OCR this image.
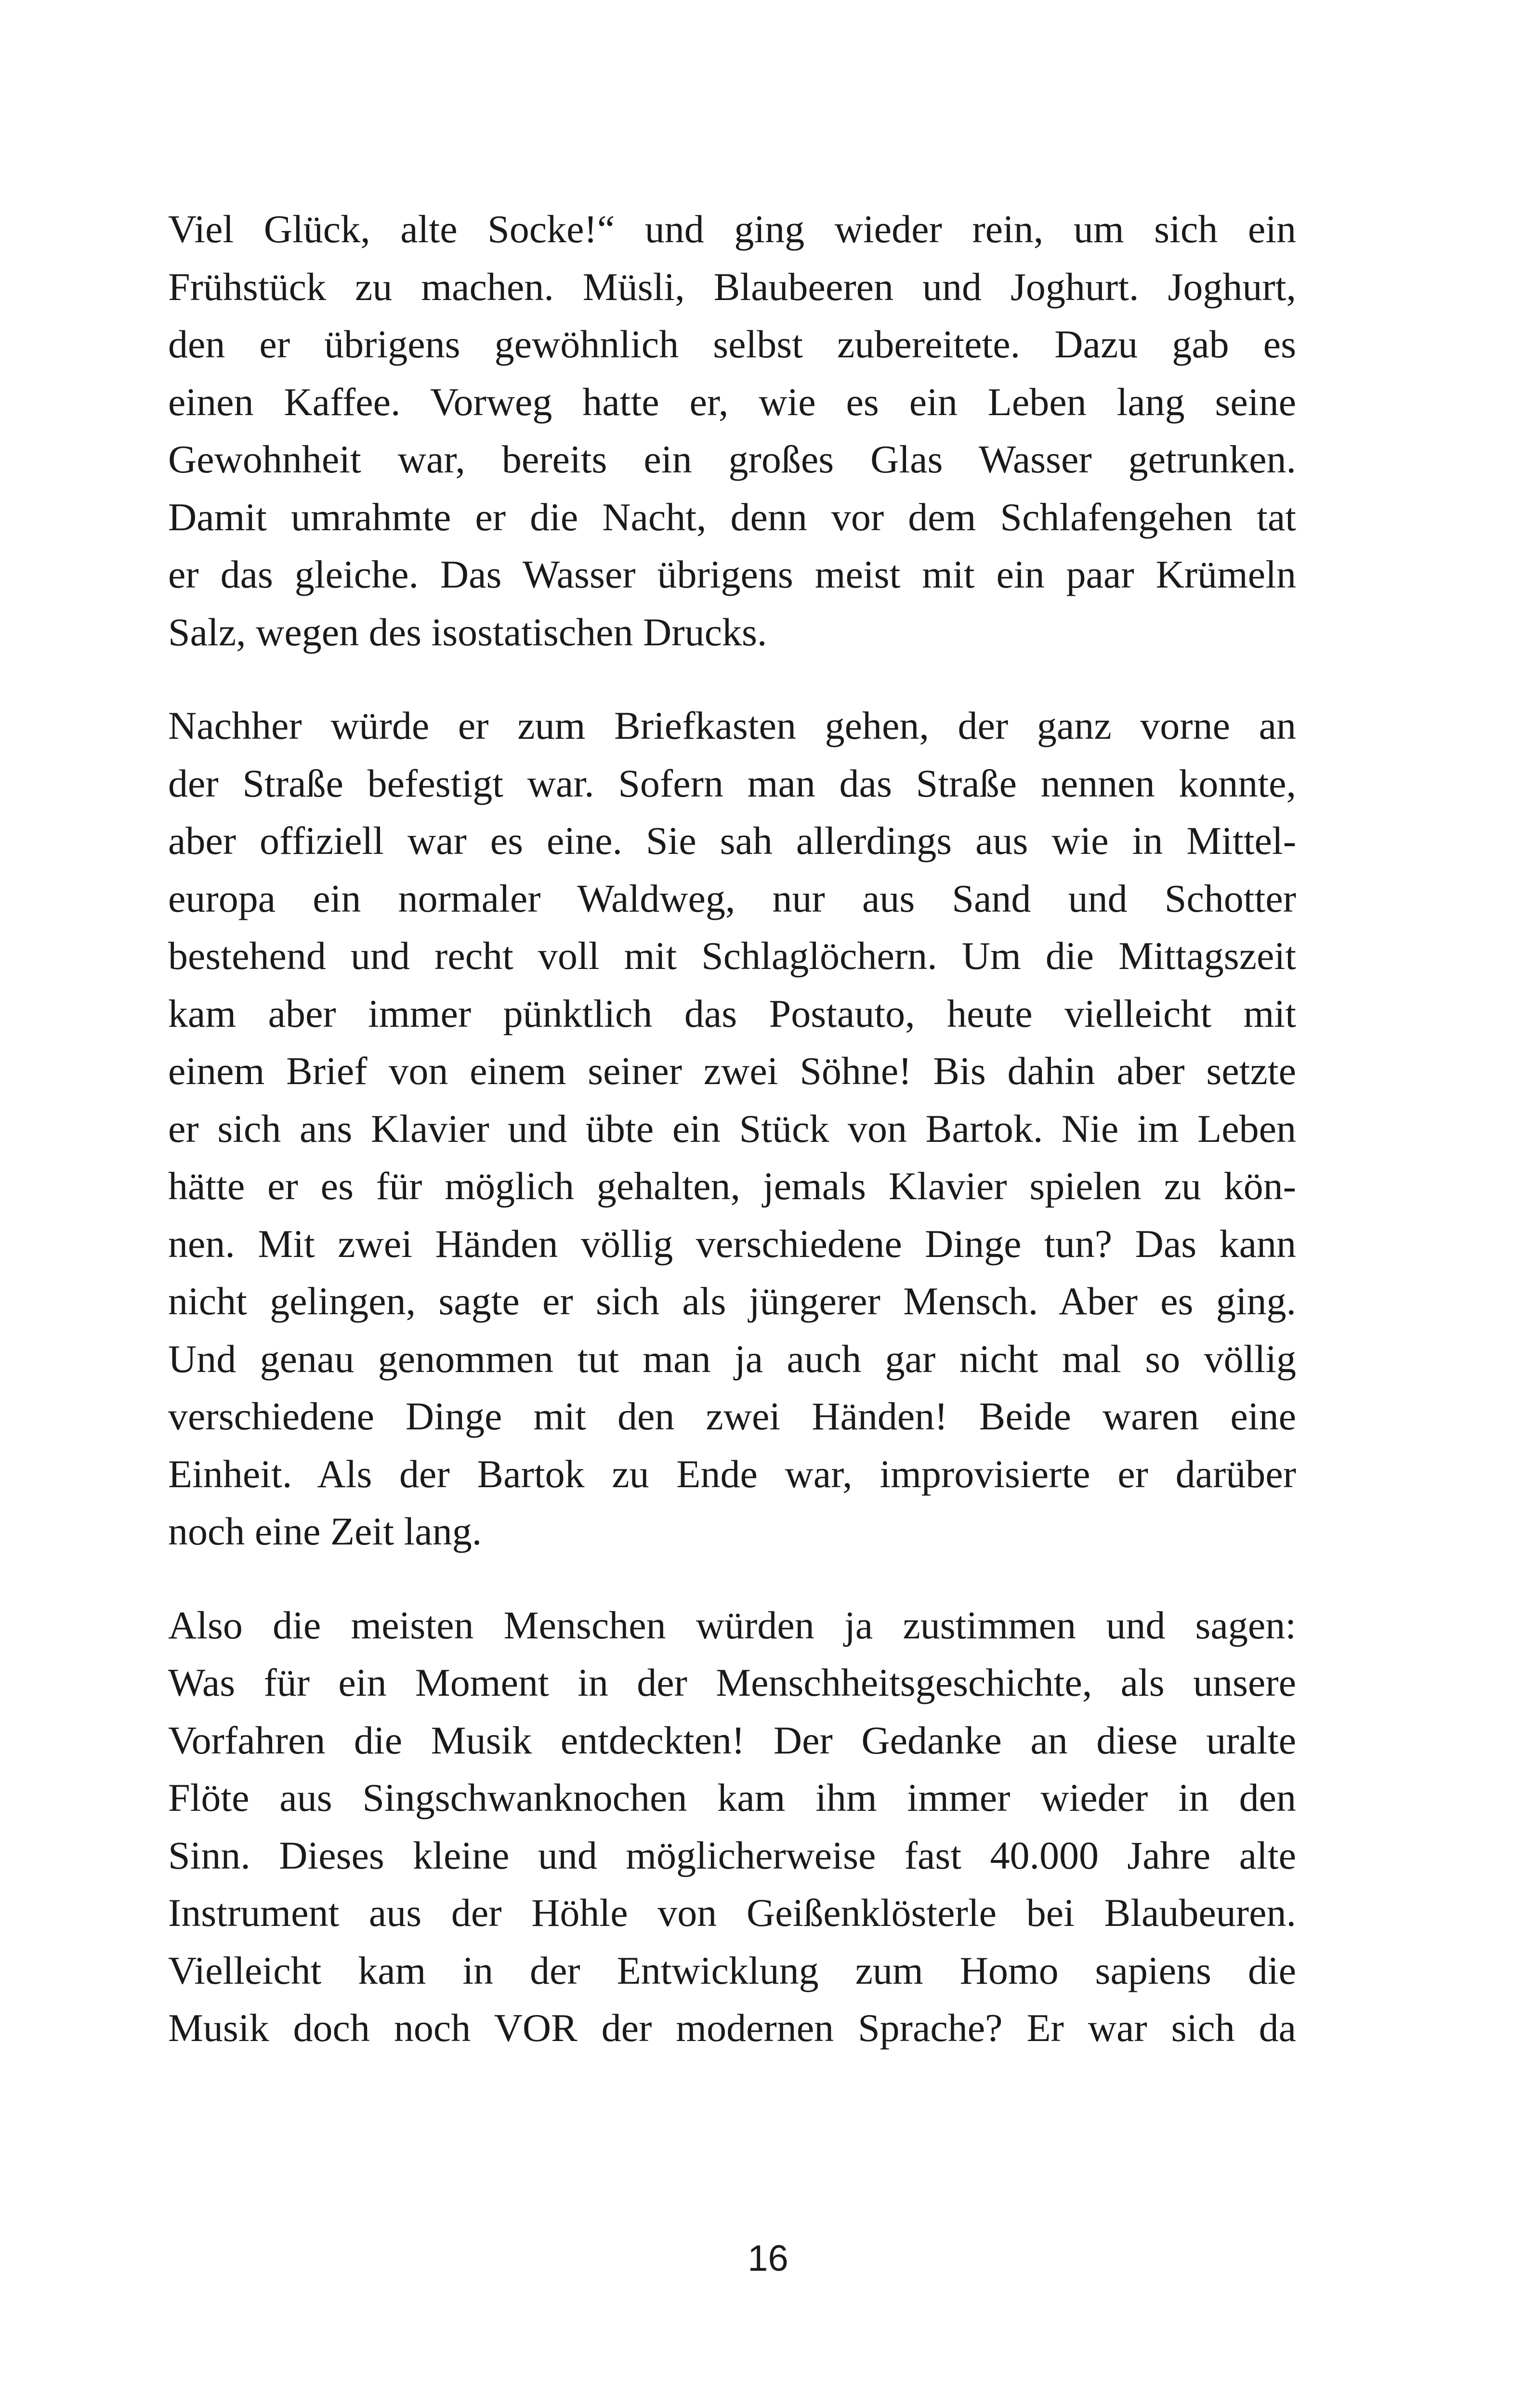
Viel Glück, alte Socke!“ und ging wieder rein, um sich ein
Frühstück zu machen. Müsli, Blaubeeren und Joghurt. Joghurt,
den er übrigens gewöhnlich selbst zubereitete. Dazu gab es
einen Kaffee. Vorweg hatte er, wie es ein Leben lang seine
Gewohnheit war, bereits ein großes Glas Wasser getrunken.
Damit umrahmte er die Nacht, denn vor dem Schlafengehen tat
er das gleiche. Das Wasser übrigens meist mit ein paar Krümeln
Salz, wegen des isostatischen Drucks.

Nachher würde er zum Briefkasten gehen, der ganz vorne an
der Straße befestigt war. Sofern man das Straße nennen konnte,
aber offiziell war es eine. Sie sah allerdings aus wie in Mittel-
europa ein normaler Waldweg, nur aus Sand und Schotter
bestehend und recht voll mit Schlaglöchern. Um die Mittagszeit
kam aber immer pünktlich das Postauto, heute vielleicht mit
einem Brief von einem seiner zwei Söhne! Bis dahin aber setzte
er sich ans Klavier und übte ein Stück von Bartok. Nie im Leben
hätte er es für möglich gehalten, jemals Klavier spielen zu kön-
nen. Mit zwei Händen völlig verschiedene Dinge tun? Das kann
nicht gelingen, sagte er sich als jüngerer Mensch. Aber es ging.
Und genau genommen tut man ja auch gar nicht mal so völlig
verschiedene Dinge mit den zwei Händen! Beide waren eine
Einheit. Als der Bartok zu Ende war, improvisierte er darüber
noch eine Zeit lang.

Also die meisten Menschen würden ja zustimmen und sagen:
Was für ein Moment in der Menschheitsgeschichte, als unsere
Vorfahren die Musik entdeckten! Der Gedanke an diese uralte
Flöte aus Singschwanknochen kam ihm immer wieder in den
Sinn. Dieses kleine und möglicherweise fast 40.000 Jahre alte
Instrument aus der Höhle von Geißenklösterle bei Blaubeuren.
Vielleicht kam in der Entwicklung zum Homo sapiens die
Musik doch noch VOR der modernen Sprache? Er war sich da

16
